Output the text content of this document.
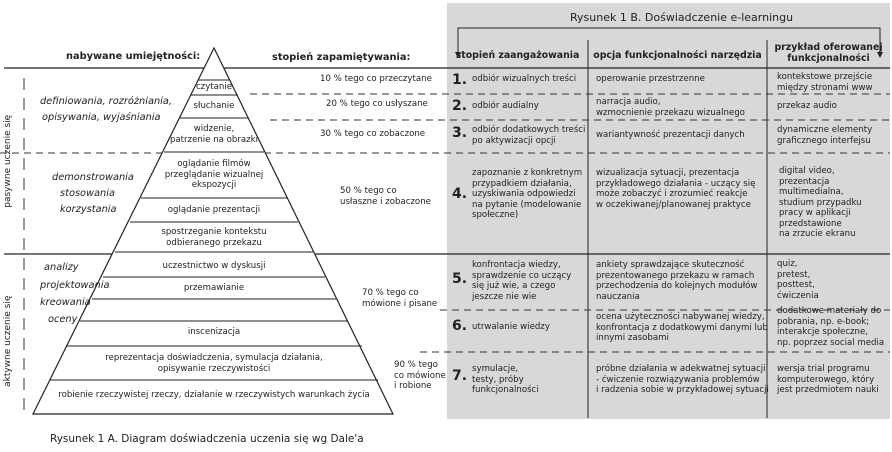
Rysunek 1 B. Doświadczenie e-learningu
nabywane umiejętności:	stopień zapamiętywania:
pasywne uczenie się
aktywne uczenie się
definiowania, rozróżniania,
opisywania, wyjaśniania
demonstrowania
stosowania
korzystania
analizy
projektowania
kreowania
oceny
czytanie
słuchanie
widzenie,
patrzenie na obrazki
oglądanie filmów
przeglądanie wizualnej
ekspozycji
oglądanie prezentacji
spostrzeganie kontekstu
odbieranego przekazu
uczestnictwo w dyskusji
przemawianie
inscenizacja
reprezentacja doświadczenia, symulacja działania,
opisywanie rzeczywistości
robienie rzeczywistej rzeczy, działanie w rzeczywistych warunkach życia
10 % tego co przeczytane
20 % tego co usłyszane
30 % tego co zobaczone
50 % tego co
usłaszne i zobaczone
70 % tego co
mówione i pisane
90 % tego
co mówione
i robione
stopień zaangażowania	opcja funkcjonalności narzędzia
przykład oferowanej
funkcjonalności
1.
2.
3.
4.
5.
6.
7.
odbiór wizualnych treści
odbiór audialny
odbiór dodatkowych treści
po aktywizacji opcji
zapoznanie z konkretnym
przypadkiem działania,
uzyskiwania odpowiedzi
na pytanie (modelowanie
społeczne)
konfrontacja wiedzy,
sprawdzenie co uczący
się już wie, a czego
jeszcze nie wie
utrwalanie wiedzy
symulacje,
testy, próby
funkcjonalności
operowanie przestrzenne
narracja audio,
wzmocnienie przekazu wizualnego
wariantywność prezentacji danych
wizualizacja sytuacji, prezentacja
przykładowego działania - uczący się
może zobaczyć i zrozumieć reakcje
w oczekiwanej/planowanej praktyce
ankiety sprawdzające skuteczność
prezentowanego przekazu w ramach
przechodzenia do kolejnych modułów
nauczania
ocena użyteczności nabywanej wiedzy,
konfrontacja z dodatkowymi danymi lub
innymi zasobami
próbne działania w adekwatnej sytuacji
- ćwiczenie rozwiązywania problemów
i radzenia sobie w przykładowej sytuacji
kontekstowe przejście
między stronami www
przekaz audio
dynamiczne elementy
graficznego interfejsu
digital video,
prezentacja
multimedialna,
studium przypadku
pracy w aplikacji
przedstawione
na zrzucie ekranu
quiz,
pretest,
posttest,
ćwiczenia
dodatkowe materiały do
pobrania, np. e-book;
interakcje społeczne,
np. poprzez social media
wersja trial programu
komputerowego, który
jest przedmiotem nauki
Rysunek 1 A. Diagram doświadczenia uczenia się wg Dale'a
